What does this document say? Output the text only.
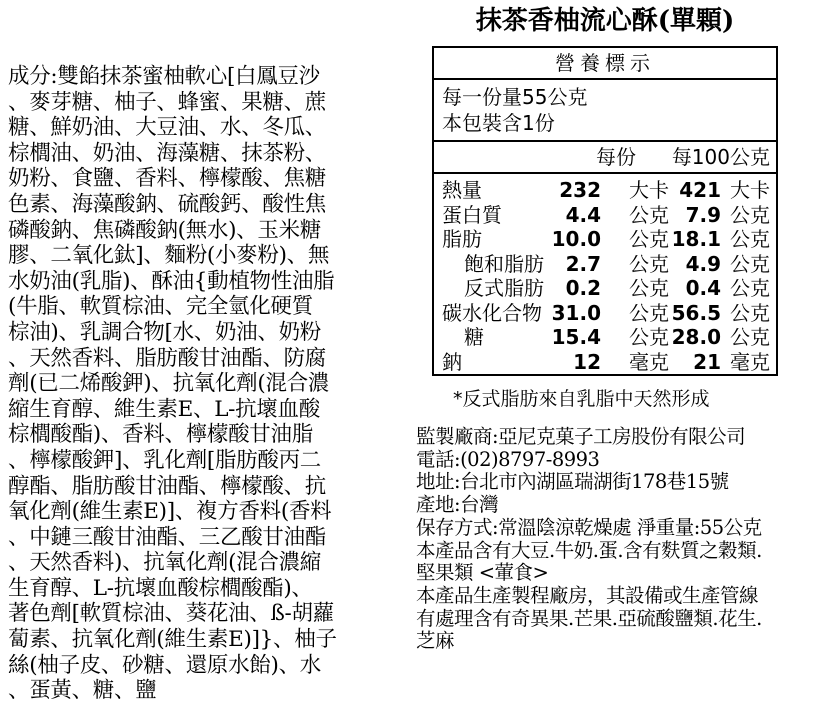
抹茶香柚流心酥(單顆)
成分:雙餡抹茶蜜柚軟心[白鳳豆沙
、麥芽糖、柚子、蜂蜜、果糖、蔗
糖、鮮奶油、大豆油、水、冬瓜、
棕櫚油、奶油、海藻糖、抹茶粉、
奶粉、食鹽、香料、檸檬酸、焦糖
色素、海藻酸鈉、硫酸鈣、酸性焦
磷酸鈉、焦磷酸鈉(無水)、玉米糖
膠、二氧化鈦]、麵粉(小麥粉)、無
水奶油(乳脂)、酥油{動植物性油脂
(牛脂、軟質棕油、完全氫化硬質
棕油)、乳調合物[水、奶油、奶粉
、天然香料、脂肪酸甘油酯、防腐
劑(已二烯酸鉀)、抗氧化劑(混合濃
縮生育醇、維生素E、L-抗壞血酸
棕櫚酸酯)、香料、檸檬酸甘油脂
、檸檬酸鉀]、乳化劑[脂肪酸丙二
醇酯、脂肪酸甘油酯、檸檬酸、抗
氧化劑(維生素E)]、複方香料(香料
、中鏈三酸甘油酯、三乙酸甘油酯
、天然香料)、抗氧化劑(混合濃縮
生育醇、L-抗壞血酸棕櫚酸酯)、
著色劑[軟質棕油、葵花油、ß-胡蘿
蔔素、抗氧化劑(維生素E)]}、柚子
絲(柚子皮、砂糖、還原水飴)、水
、蛋黃、糖、鹽
營養標示
每一份量55公克
本包裝含1份
每份 每100公克
熱量	232 大卡 421 大卡
蛋白質	4.4 公克 7.9 公克
脂肪	10.0 公克 18.1 公克
飽和脂肪 2.7 公克 4.9 公克
反式脂肪 0.2 公克 0.4 公克
碳水化合物 31.0 公克 56.5 公克
糖	15.4 公克 28.0 公克
鈉	12 毫克 21 毫克
*反式脂肪來自乳脂中天然形成
監製廠商:亞尼克菓子工房股份有限公司
電話:(02)8797-8993
地址:台北市內湖區瑞湖街178巷15號
產地:台灣
保存方式:常溫陰涼乾燥處 淨重量:55公克
本產品含有大豆.牛奶.蛋.含有麩質之穀類.
堅果類 <葷食>
本產品生產製程廠房，其設備或生產管線
有處理含有奇異果.芒果.亞硫酸鹽類.花生.
芝麻
